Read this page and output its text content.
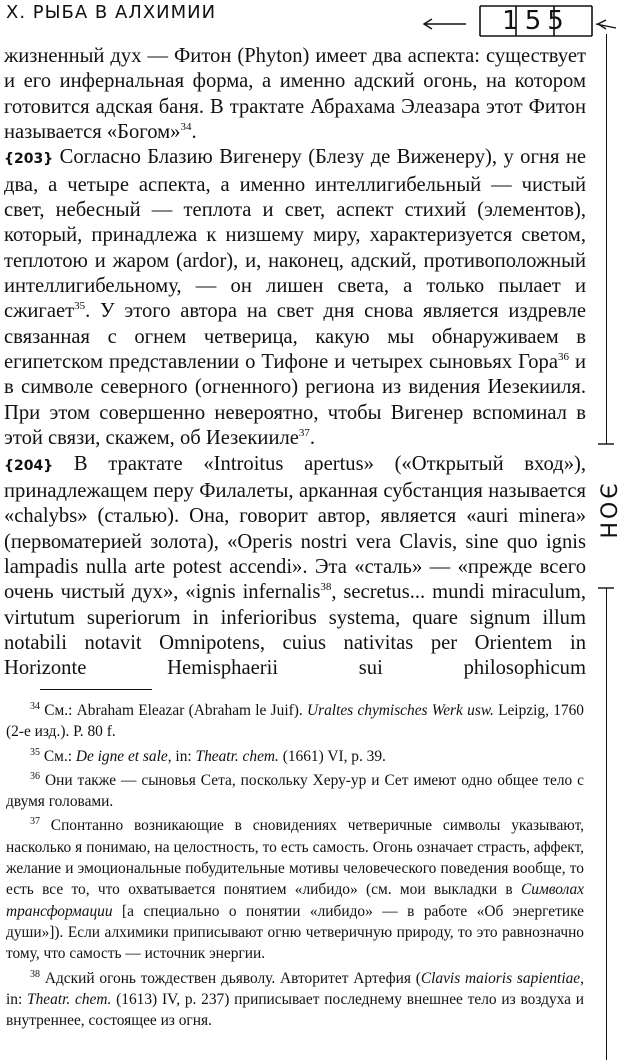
Х. РЫБА В АЛХИМИИ	155

жизненный дух — Фитон (Phyton) имеет два аспекта: существует и его инфернальная форма, а именно адский огонь, на котором готовится адская баня. В трактате Абрахама Элеазара этот Фитон называется «Богом»$^{34}$.

{203} Согласно Блазию Вигенеру (Блезу де Виженеру), у огня не два, а четыре аспекта, а именно интеллигибельный — чистый свет, небесный — теплота и свет, аспект стихий (элементов), который, принадлежа к низшему миру, характеризуется светом, теплотою и жаром (ardor), и, наконец, адский, противоположный интеллигибельному, — он лишен света, а только пылает и сжигает$^{35}$. У этого автора на свет дня снова является издревле связанная с огнем четверица, какую мы обнаруживаем в египетском представлении о Тифоне и четырех сыновьях Гора$^{36}$ и в символе северного (огненного) региона из видения Иезекииля. При этом совершенно невероятно, чтобы Вигенер вспоминал в этой связи, скажем, об Иезекииле$^{37}$.

{204} В трактате «Introitus apertus» («Открытый вход»), принадлежащем перу Филалеты, арканная субстанция называется «chalybs» (сталью). Она, говорит автор, является «auri minera» (первоматерией золота), «Operis nostri vera Clavis, sine quo ignis lampadis nulla arte potest accendi». Эта «сталь» — «прежде всего очень чистый дух», «ignis infernalis$^{38}$, secretus... mundi miraculum, virtutum superiorum in inferioribus systema, quare signum illum notabili notavit Omnipotens, cuius nativitas per Orientem in Horizonte Hemisphaerii sui philosophicum

$^{34}$ См.: Abraham Eleazar (Abraham le Juif). Uraltes chymisches Werk usw. Leipzig, 1760 (2-е изд.). Р. 80 f.

$^{35}$ См.: De igne et sale, in: Theatr. chem. (1661) VI, p. 39.

$^{36}$ Они также — сыновья Сета, поскольку Херу-ур и Сет имеют одно общее тело с двумя головами.

$^{37}$ Спонтанно возникающие в сновидениях четверичные символы указывают, насколько я понимаю, на целостность, то есть самость. Огонь означает страсть, аффект, желание и эмоциональные побудительные мотивы человеческого поведения вообще, то есть все то, что охватывается понятием «либидо» (см. мои выкладки в Символах трансформации [а специально о понятии «либидо» — в работе «Об энергетике души»]). Если алхимики приписывают огню четверичную природу, то это равнозначно тому, что самость — источник энергии.

$^{38}$ Адский огонь тождествен дьяволу. Авторитет Артефия (Clavis maioris sapientiae, in: Theatr. chem. (1613) IV, p. 237) приписывает последнему внешнее тело из воздуха и внутреннее, состоящее из огня.

ЭОН
